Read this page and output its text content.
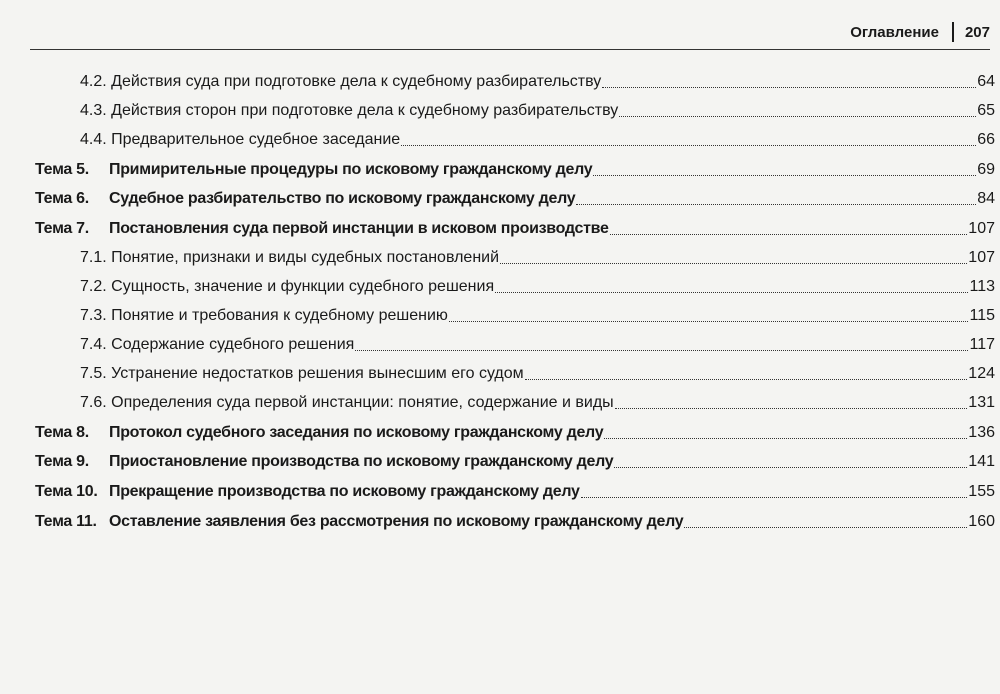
Оглавление 207
4.2. Действия суда при подготовке дела к судебному разбирательству	64
4.3. Действия сторон при подготовке дела к судебному разбирательству	65
4.4. Предварительное судебное заседание	66
Тема 5. Примирительные процедуры по исковому гражданскому делу	69
Тема 6. Судебное разбирательство по исковому гражданскому делу	84
Тема 7. Постановления суда первой инстанции в исковом производстве	107
7.1. Понятие, признаки и виды судебных постановлений	107
7.2. Сущность, значение и функции судебного решения	113
7.3. Понятие и требования к судебному решению	115
7.4. Содержание судебного решения	117
7.5. Устранение недостатков решения вынесшим его судом	124
7.6. Определения суда первой инстанции: понятие, содержание и виды	131
Тема 8. Протокол судебного заседания по исковому гражданскому делу	136
Тема 9. Приостановление производства по исковому гражданскому делу	141
Тема 10. Прекращение производства по исковому гражданскому делу	155
Тема 11. Оставление заявления без рассмотрения по исковому гражданскому делу	160
